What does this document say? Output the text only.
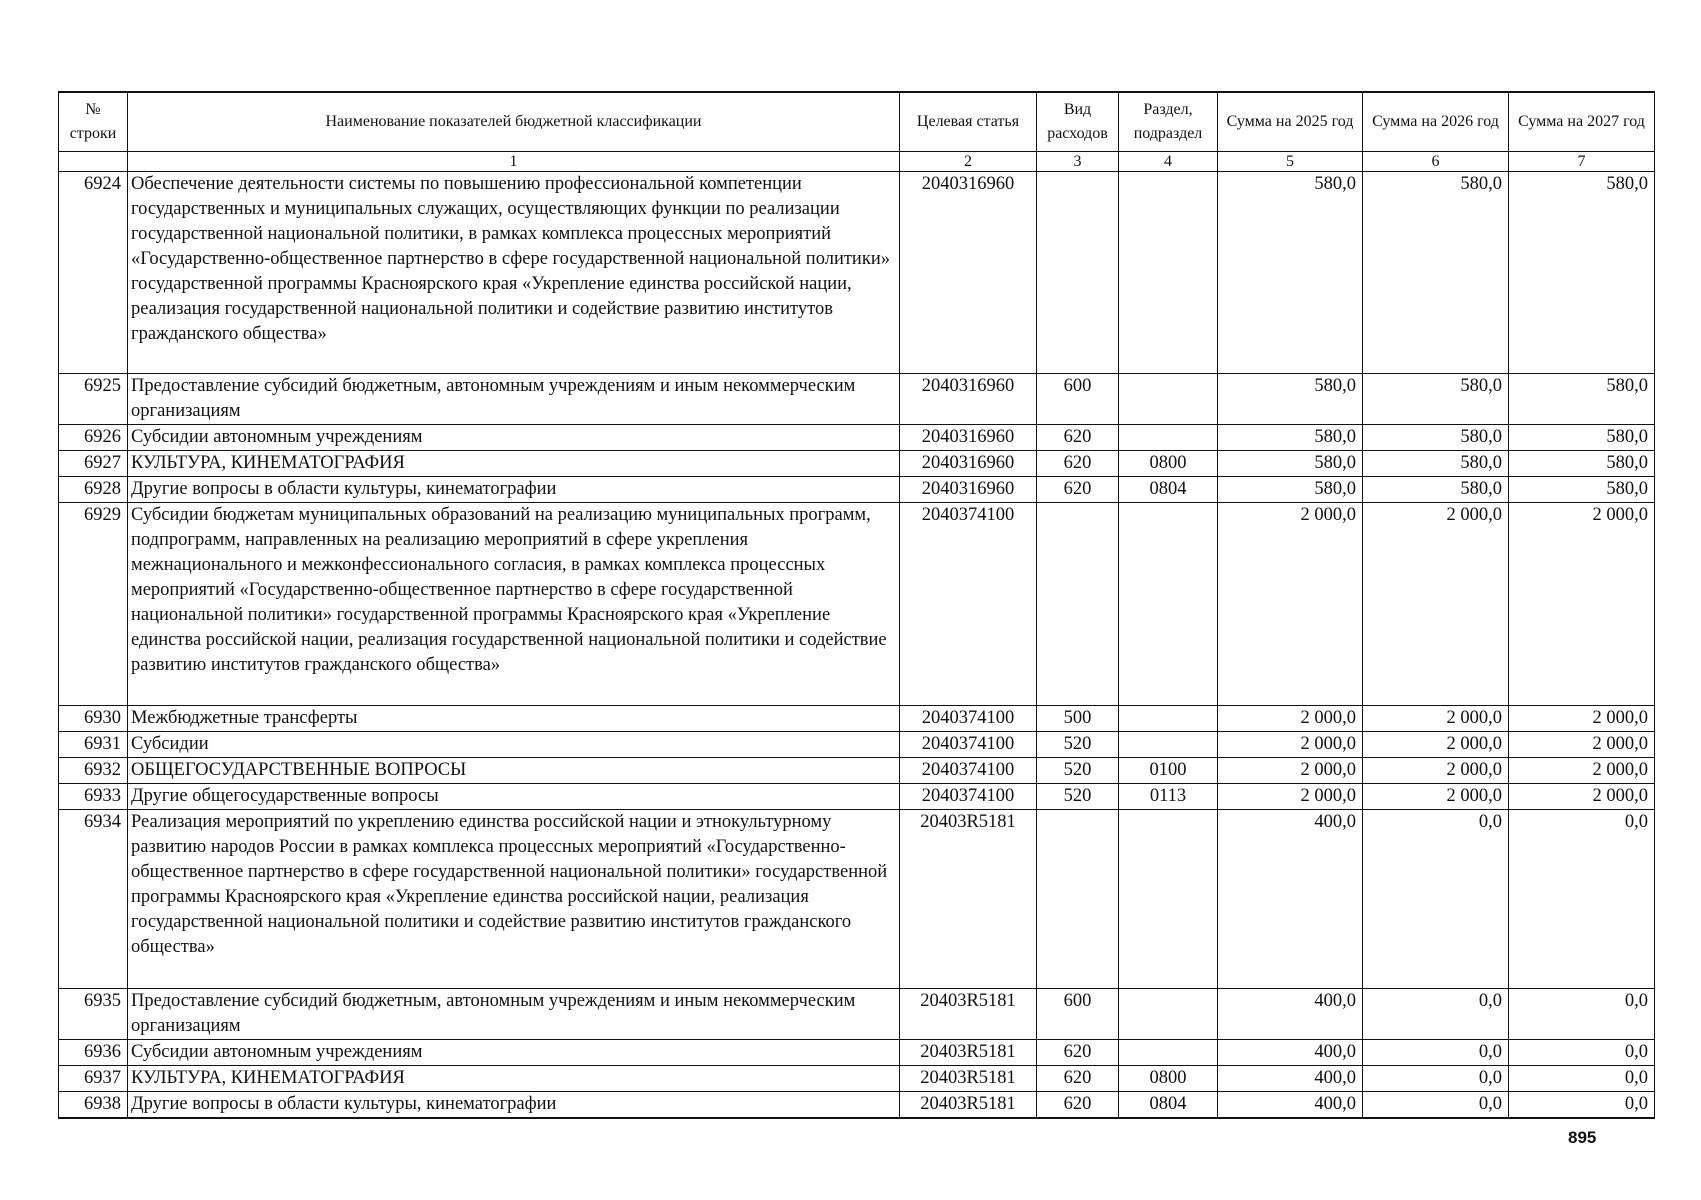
№ строки	Наименование показателей бюджетной классификации	Целевая статья	Вид расходов	Раздел, подраздел	Сумма на 2025 год	Сумма на 2026 год	Сумма на 2027 год
	1	2	3	4	5	6	7
6924	Обеспечение деятельности системы по повышению профессиональной компетенции государственных и муниципальных служащих, осуществляющих функции по реализации государственной национальной политики, в рамках комплекса процессных мероприятий «Государственно-общественное партнерство в сфере государственной национальной политики» государственной программы Красноярского края «Укрепление единства российской нации, реализация государственной национальной политики и содействие развитию институтов гражданского общества»	2040316960			580,0	580,0	580,0
6925	Предоставление субсидий бюджетным, автономным учреждениям и иным некоммерческим организациям	2040316960	600		580,0	580,0	580,0
6926	Субсидии автономным учреждениям	2040316960	620		580,0	580,0	580,0
6927	КУЛЬТУРА, КИНЕМАТОГРАФИЯ	2040316960	620	0800	580,0	580,0	580,0
6928	Другие вопросы в области культуры, кинематографии	2040316960	620	0804	580,0	580,0	580,0
6929	Субсидии бюджетам муниципальных образований на реализацию муниципальных программ, подпрограмм, направленных на реализацию мероприятий в сфере укрепления межнационального и межконфессионального согласия, в рамках комплекса процессных мероприятий «Государственно-общественное партнерство в сфере государственной национальной политики» государственной программы Красноярского края «Укрепление единства российской нации, реализация государственной национальной политики и содействие развитию институтов гражданского общества»	2040374100			2 000,0	2 000,0	2 000,0
6930	Межбюджетные трансферты	2040374100	500		2 000,0	2 000,0	2 000,0
6931	Субсидии	2040374100	520		2 000,0	2 000,0	2 000,0
6932	ОБЩЕГОСУДАРСТВЕННЫЕ ВОПРОСЫ	2040374100	520	0100	2 000,0	2 000,0	2 000,0
6933	Другие общегосударственные вопросы	2040374100	520	0113	2 000,0	2 000,0	2 000,0
6934	Реализация мероприятий по укреплению единства российской нации и этнокультурному развитию народов России в рамках комплекса процессных мероприятий «Государственно-общественное партнерство в сфере государственной национальной политики» государственной программы Красноярского края «Укрепление единства российской нации, реализация государственной национальной политики и содействие развитию институтов гражданского общества»	20403R5181			400,0	0,0	0,0
6935	Предоставление субсидий бюджетным, автономным учреждениям и иным некоммерческим организациям	20403R5181	600		400,0	0,0	0,0
6936	Субсидии автономным учреждениям	20403R5181	620		400,0	0,0	0,0
6937	КУЛЬТУРА, КИНЕМАТОГРАФИЯ	20403R5181	620	0800	400,0	0,0	0,0
6938	Другие вопросы в области культуры, кинематографии	20403R5181	620	0804	400,0	0,0	0,0
895
